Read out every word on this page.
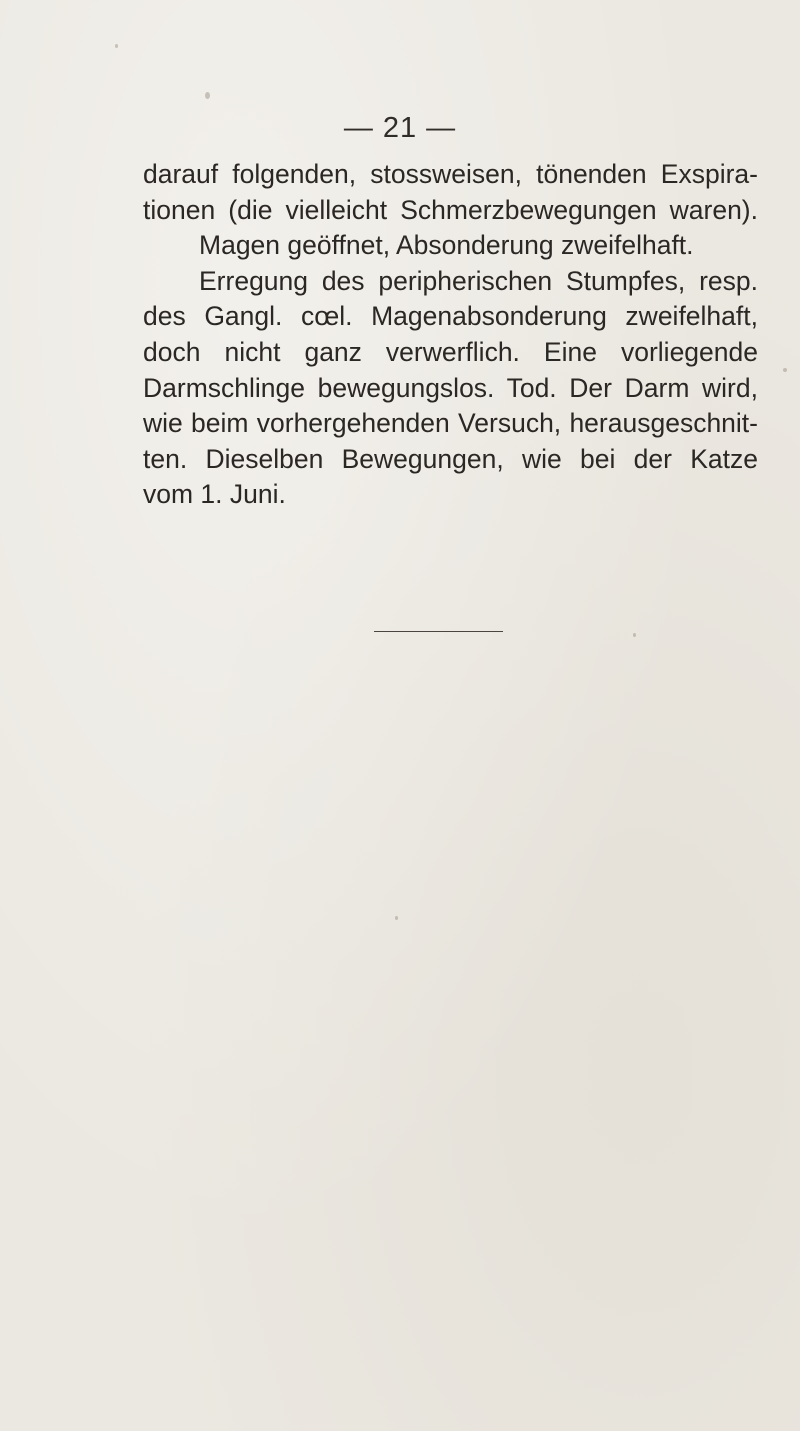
— 21 —
darauf folgenden, stossweisen, tönenden Exspira-
tionen (die vielleicht Schmerzbewegungen waren).
Magen geöffnet, Absonderung zweifelhaft.
Erregung des peripherischen Stumpfes, resp.
des Gangl. cœl. Magenabsonderung zweifelhaft,
doch nicht ganz verwerflich. Eine vorliegende
Darmschlinge bewegungslos. Tod. Der Darm wird,
wie beim vorhergehenden Versuch, herausgeschnit-
ten. Dieselben Bewegungen, wie bei der Katze
vom 1. Juni.
